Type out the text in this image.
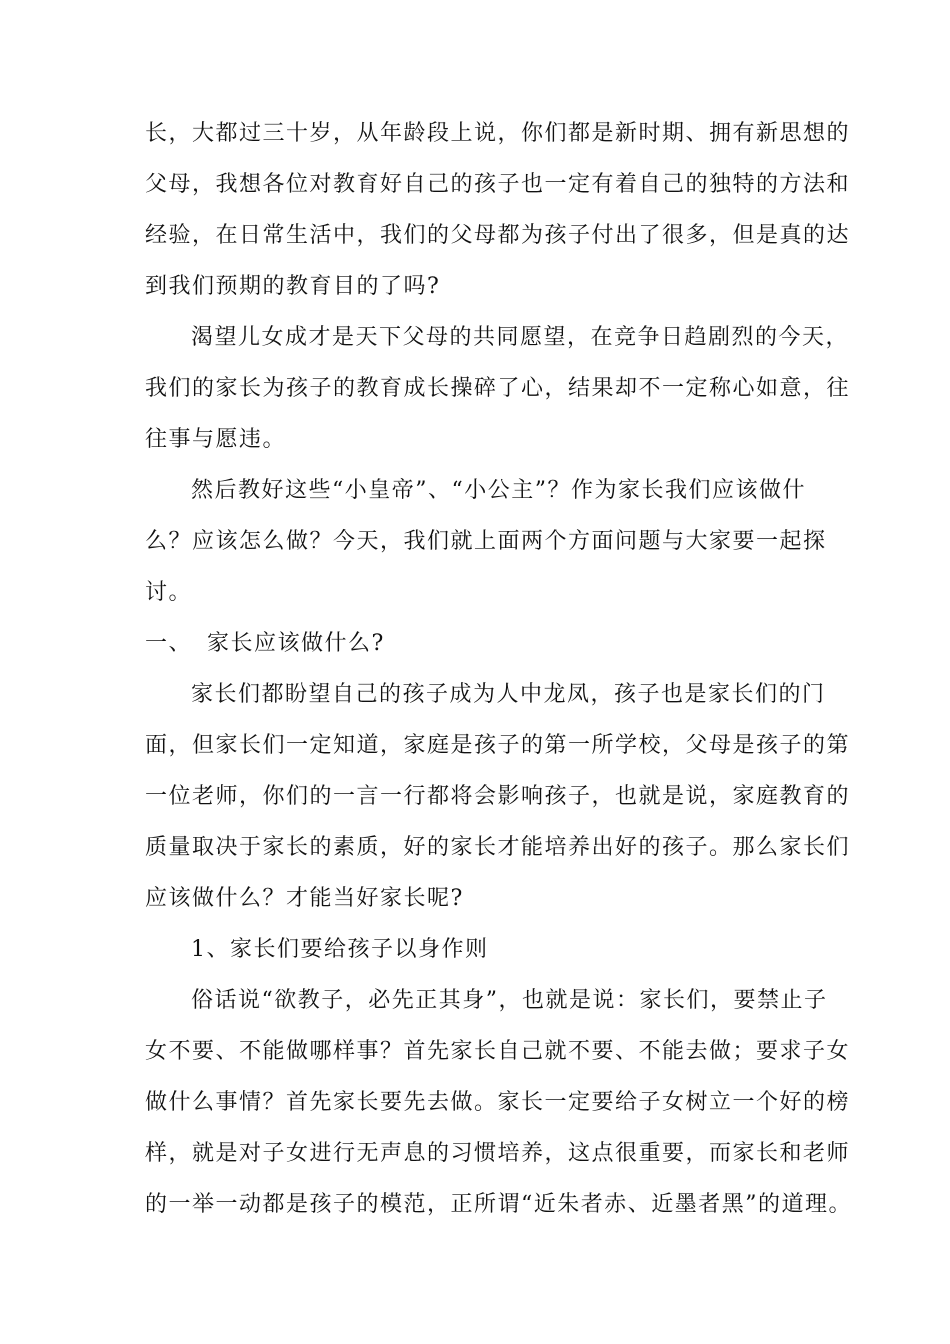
长，大都过三十岁，从年龄段上说，你们都是新时期、拥有新思想的
父母，我想各位对教育好自己的孩子也一定有着自己的独特的方法和
经验，在日常生活中，我们的父母都为孩子付出了很多，但是真的达
到我们预期的教育目的了吗?
渴望儿女成才是天下父母的共同愿望，在竞争日趋剧烈的今天，
我们的家长为孩子的教育成长操碎了心，结果却不一定称心如意，往
往事与愿违。
然后教好这些“小皇帝”、“小公主”？作为家长我们应该做什
么？应该怎么做？今天，我们就上面两个方面问题与大家要一起探
讨。
一、 家长应该做什么?
家长们都盼望自己的孩子成为人中龙凤，孩子也是家长们的门
面，但家长们一定知道，家庭是孩子的第一所学校，父母是孩子的第
一位老师，你们的一言一行都将会影响孩子，也就是说，家庭教育的
质量取决于家长的素质，好的家长才能培养出好的孩子。那么家长们
应该做什么？才能当好家长呢?
1、家长们要给孩子以身作则
俗话说“欲教子，必先正其身”，也就是说：家长们，要禁止子
女不要、不能做哪样事？首先家长自己就不要、不能去做；要求子女
做什么事情？首先家长要先去做。家长一定要给子女树立一个好的榜
样，就是对子女进行无声息的习惯培养，这点很重要，而家长和老师
的一举一动都是孩子的模范，正所谓“近朱者赤、近墨者黑”的道理。
